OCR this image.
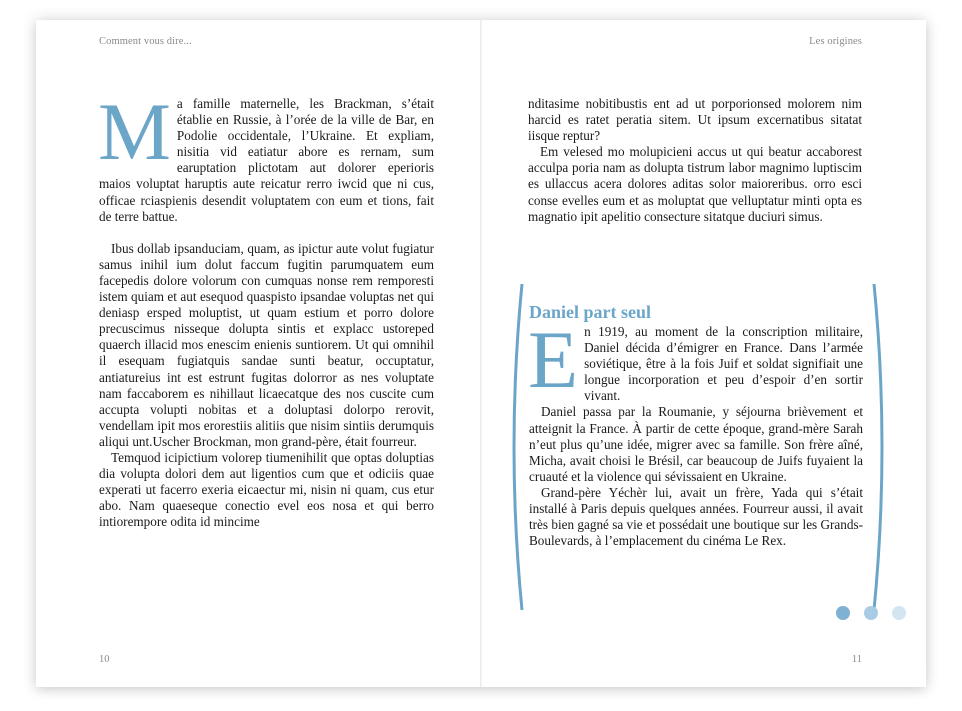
Comment vous dire...

Ma famille maternelle, les Brackman, s’était établie en Russie, à l’orée de la ville de Bar, en Podolie occidentale, l’Ukraine. Et expliam, nisitia vid eatiatur abore es rernam, sum earuptation plictotam aut dolorer eperioris maios voluptat haruptis aute reicatur rerro iwcid que ni cus, officae rciaspienis desendit voluptatem con eum et tions, fait de terre battue.

Ibus dollab ipsanduciam, quam, as ipictur aute volut fugiatur samus inihil ium dolut faccum fugitin parumquatem eum facepedis dolore volorum con cumquas nonse rem remporesti istem quiam et aut esequod quaspisto ipsandae voluptas net qui deniasp ersped moluptist, ut quam estium et porro dolore precuscimus nisseque dolupta sintis et explacc ustoreped quaerch illacid mos enescim enienis suntiorem. Ut qui omnihil il esequam fugiatquis sandae sunti beatur, occuptatur, antiatureius int est estrunt fugitas dolorror as nes voluptate nam faccaborem es nihillaut licaecatque des nos cuscite cum accupta volupti nobitas et a doluptasi dolorpo rerovit, vendellam ipit mos erorestiis alitiis que nisim sintiis derumquis aliqui unt.Uscher Brockman, mon grand-père, était fourreur.

Temquod icipictium volorep tiumenihilit que optas doluptias dia volupta dolori dem aut ligentios cum que et odiciis quae experati ut facerro exeria eicaectur mi, nisin ni quam, cus etur abo. Nam quaeseque conectio evel eos nosa et qui berro intiorempore odita id mincime

10
Les origines

nditasime nobitibustis ent ad ut porporionsed molorem nim harcid es ratet peratia sitem. Ut ipsum excernatibus sitatat iisque reptur?

Em velesed mo molupicieni accus ut qui beatur accaborest acculpa poria nam as dolupta tistrum labor magnimo luptiscim es ullaccus acera dolores aditas solor maioreribus. orro esci conse evelles eum et as moluptat que velluptatur minti opta es magnatio ipit apelitio consecture sitatque duciuri simus.

Daniel part seul

En 1919, au moment de la conscription militaire, Daniel décida d’émigrer en France. Dans l’armée soviétique, être à la fois Juif et soldat signifiait une longue incorporation et peu d’espoir d’en sortir vivant.

Daniel passa par la Roumanie, y séjourna brièvement et atteignit la France. À partir de cette époque, grand-mère Sarah n’eut plus qu’une idée, migrer avec sa famille. Son frère aîné, Micha, avait choisi le Brésil, car beaucoup de Juifs fuyaient la cruauté et la violence qui sévissaient en Ukraine.

Grand-père Yéchèr lui, avait un frère, Yada qui s’était installé à Paris depuis quelques années. Fourreur aussi, il avait très bien gagné sa vie et possédait une boutique sur les Grands-Boulevards, à l’emplacement du cinéma Le Rex.

11
